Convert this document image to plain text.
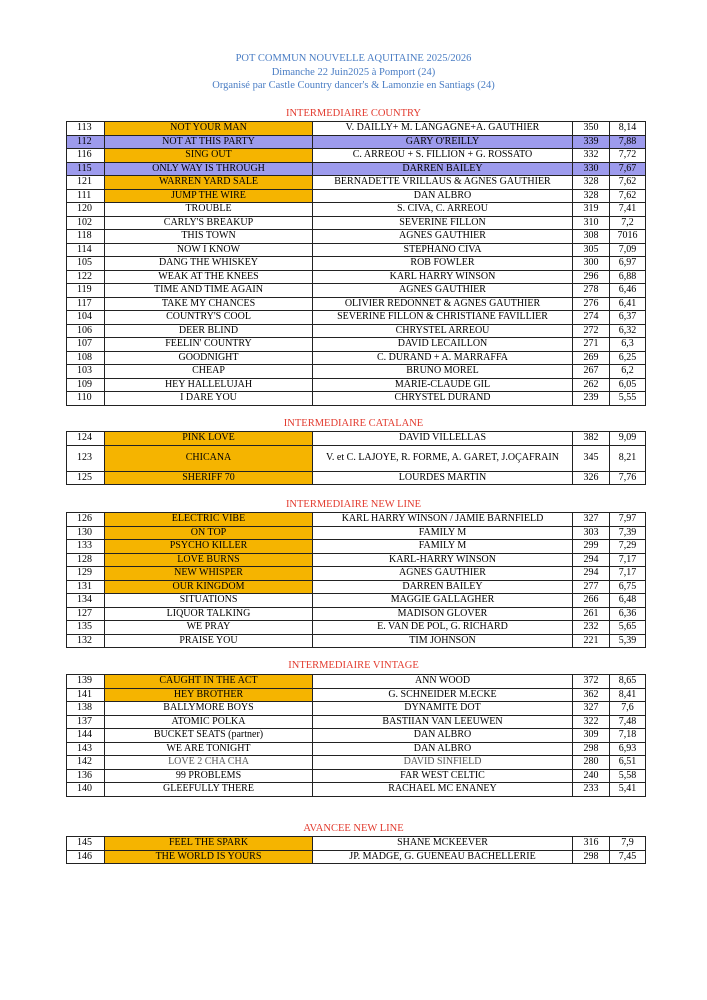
POT COMMUN NOUVELLE AQUITAINE 2025/2026
Dimanche 22 Juin2025 à Pomport (24)
Organisé par Castle Country dancer's & Lamonzie en Santiags (24)
INTERMEDIAIRE COUNTRY
113	NOT YOUR MAN	V. DAILLY+ M. LANGAGNE+A. GAUTHIER	350	8,14
112	NOT AT THIS PARTY	GARY O'REILLY	339	7,88
116	SING OUT	C. ARREOU + S. FILLION + G. ROSSATO	332	7,72
115	ONLY WAY IS THROUGH	DARREN BAILEY	330	7,67
121	WARREN YARD SALE	BERNADETTE VRILLAUS & AGNES GAUTHIER	328	7,62
111	JUMP THE WIRE	DAN ALBRO	328	7,62
120	TROUBLE	S. CIVA, C. ARREOU	319	7,41
102	CARLY'S BREAKUP	SEVERINE FILLON	310	7,2
118	THIS TOWN	AGNES GAUTHIER	308	7016
114	NOW I KNOW	STEPHANO CIVA	305	7,09
105	DANG THE WHISKEY	ROB FOWLER	300	6,97
122	WEAK AT THE KNEES	KARL HARRY WINSON	296	6,88
119	TIME AND TIME AGAIN	AGNES GAUTHIER	278	6,46
117	TAKE MY CHANCES	OLIVIER REDONNET & AGNES GAUTHIER	276	6,41
104	COUNTRY'S COOL	SEVERINE FILLON & CHRISTIANE FAVILLIER	274	6,37
106	DEER BLIND	CHRYSTEL ARREOU	272	6,32
107	FEELIN' COUNTRY	DAVID LECAILLON	271	6,3
108	GOODNIGHT	C. DURAND + A. MARRAFFA	269	6,25
103	CHEAP	BRUNO MOREL	267	6,2
109	HEY HALLELUJAH	MARIE-CLAUDE GIL	262	6,05
110	I DARE YOU	CHRYSTEL DURAND	239	5,55
INTERMEDIAIRE CATALANE
124	PINK LOVE	DAVID VILLELLAS	382	9,09
123	CHICANA	V. et C. LAJOYE, R. FORME, A. GARET, J.OÇAFRAIN	345	8,21
125	SHERIFF 70	LOURDES MARTIN	326	7,76
INTERMEDIAIRE NEW LINE
126	ELECTRIC VIBE	KARL HARRY WINSON / JAMIE BARNFIELD	327	7,97
130	ON TOP	FAMILY M	303	7,39
133	PSYCHO KILLER	FAMILY M	299	7,29
128	LOVE BURNS	KARL-HARRY WINSON	294	7,17
129	NEW WHISPER	AGNES GAUTHIER	294	7,17
131	OUR KINGDOM	DARREN BAILEY	277	6,75
134	SITUATIONS	MAGGIE GALLAGHER	266	6,48
127	LIQUOR TALKING	MADISON GLOVER	261	6,36
135	WE PRAY	E. VAN DE POL, G. RICHARD	232	5,65
132	PRAISE YOU	TIM JOHNSON	221	5,39
INTERMEDIAIRE VINTAGE
139	CAUGHT IN THE ACT	ANN WOOD	372	8,65
141	HEY BROTHER	G. SCHNEIDER M.ECKE	362	8,41
138	BALLYMORE BOYS	DYNAMITE DOT	327	7,6
137	ATOMIC POLKA	BASTIIAN VAN LEEUWEN	322	7,48
144	BUCKET SEATS (partner)	DAN ALBRO	309	7,18
143	WE ARE TONIGHT	DAN ALBRO	298	6,93
142	LOVE 2 CHA CHA	DAVID SINFIELD	280	6,51
136	99 PROBLEMS	FAR WEST CELTIC	240	5,58
140	GLEEFULLY THERE	RACHAEL MC ENANEY	233	5,41
AVANCEE NEW LINE
145	FEEL THE SPARK	SHANE MCKEEVER	316	7,9
146	THE WORLD IS YOURS	JP. MADGE, G. GUENEAU BACHELLERIE	298	7,45
